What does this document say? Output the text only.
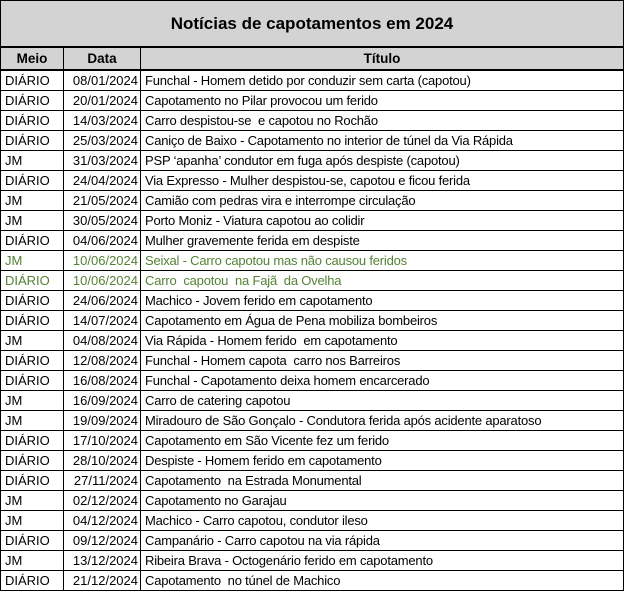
Notícias de capotamentos em 2024
Meio	Data	Título
DIÁRIO	08/01/2024 Funchal - Homem detido por conduzir sem carta (capotou)
DIÁRIO	20/01/2024 Capotamento no Pilar provocou um ferido
DIÁRIO	14/03/2024 Carro despistou-se  e capotou no Rochão
DIÁRIO	25/03/2024 Caniço de Baixo - Capotamento no interior de túnel da Via Rápida
JM	31/03/2024 PSP ‘apanha’ condutor em fuga após despiste (capotou)
DIÁRIO	24/04/2024 Via Expresso - Mulher despistou-se, capotou e ficou ferida
JM	21/05/2024 Camião com pedras vira e interrompe circulação
JM	30/05/2024 Porto Moniz - Viatura capotou ao colidir
DIÁRIO	04/06/2024 Mulher gravemente ferida em despiste
JM	10/06/2024 Seixal - Carro capotou mas não causou feridos
DIÁRIO	10/06/2024 Carro  capotou  na Fajã  da Ovelha
DIÁRIO	24/06/2024 Machico - Jovem ferido em capotamento
DIÁRIO	14/07/2024 Capotamento em Água de Pena mobiliza bombeiros
JM	04/08/2024 Via Rápida - Homem ferido  em capotamento
DIÁRIO	12/08/2024 Funchal - Homem capota  carro nos Barreiros
DIÁRIO	16/08/2024 Funchal - Capotamento deixa homem encarcerado
JM	16/09/2024 Carro de catering capotou
JM	19/09/2024 Miradouro de São Gonçalo - Condutora ferida após acidente aparatoso
DIÁRIO	17/10/2024 Capotamento em São Vicente fez um ferido
DIÁRIO	28/10/2024 Despiste - Homem ferido em capotamento
DIÁRIO	27/11/2024 Capotamento  na Estrada Monumental
JM	02/12/2024 Capotamento no Garajau
JM	04/12/2024 Machico - Carro capotou, condutor ileso
DIÁRIO	09/12/2024 Campanário - Carro capotou na via rápida
JM	13/12/2024 Ribeira Brava - Octogenário ferido em capotamento
DIÁRIO	21/12/2024 Capotamento  no túnel de Machico
